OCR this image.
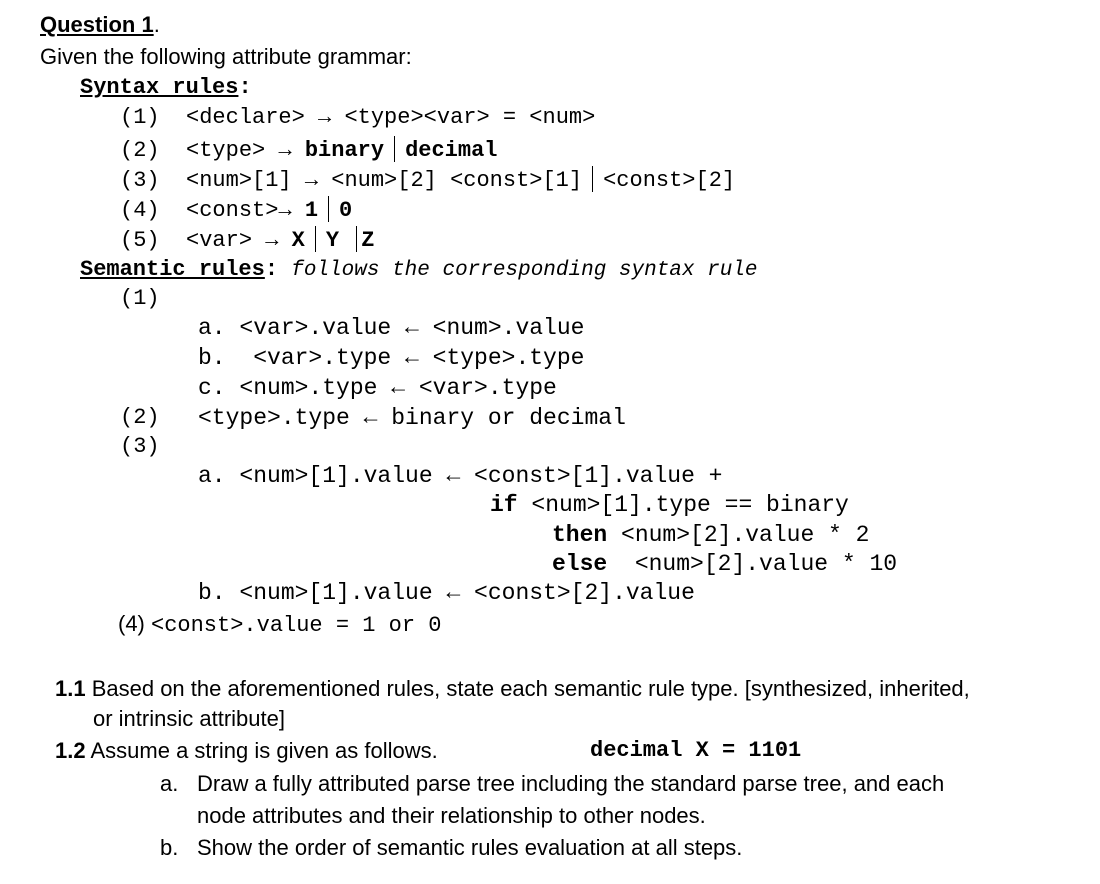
Question 1.
Given the following attribute grammar:
Syntax rules:
(1) <declare> → <type><var> = <num>
(2) <type> → binary decimal
(3) <num>[1] → <num>[2] <const>[1] <const>[2]
(4) <const>→ 1 0
(5) <var> → X Y Z
Semantic rules: follows the corresponding syntax rule
(1)
a. <var>.value ← <num>.value
b.  <var>.type ← <type>.type
c. <num>.type ← <var>.type
(2) <type>.type ← binary or decimal
(3)
a. <num>[1].value ← <const>[1].value +
if <num>[1].type == binary
then <num>[2].value * 2
else  <num>[2].value * 10
b. <num>[1].value ← <const>[2].value
(4) <const>.value = 1 or 0
1.1 Based on the aforementioned rules, state each semantic rule type. [synthesized, inherited,
or intrinsic attribute]
1.2 Assume a string is given as follows.	decimal X = 1101
a. Draw a fully attributed parse tree including the standard parse tree, and each
node attributes and their relationship to other nodes.
b. Show the order of semantic rules evaluation at all steps.
